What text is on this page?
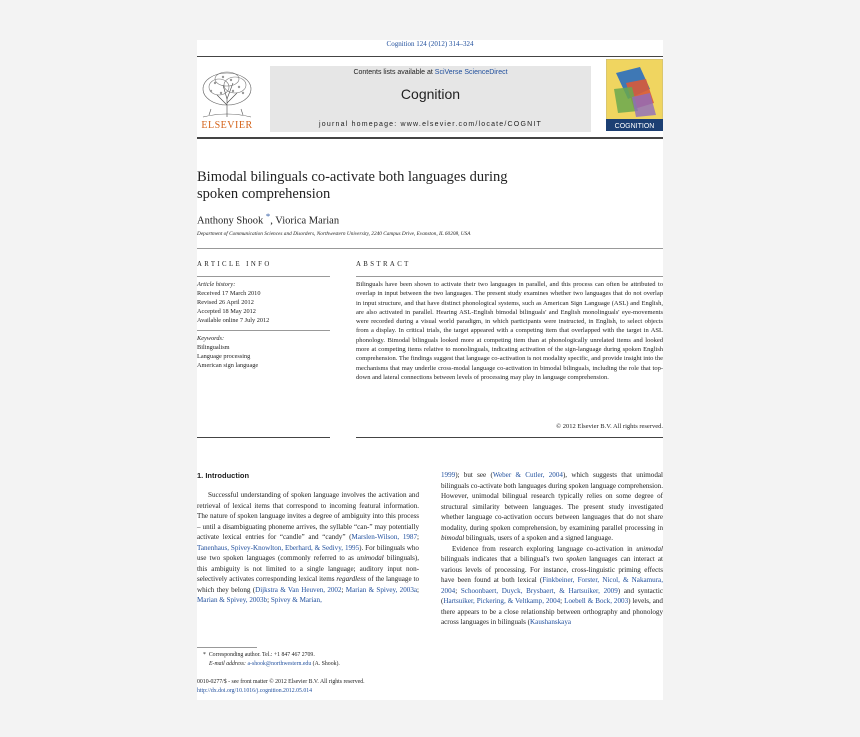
Cognition 124 (2012) 314–324
ELSEVIER
Contents lists available at SciVerse ScienceDirect
Cognition
journal homepage: www.elsevier.com/locate/COGNIT	COGNITION
Bimodal bilinguals co-activate both languages during
spoken comprehension
Anthony Shook *, Viorica Marian
Department of Communication Sciences and Disorders, Northwestern University, 2240 Campus Drive, Evanston, IL 60208, USA
ARTICLE INFO
Article history:
Received 17 March 2010
Revised 26 April 2012
Accepted 18 May 2012
Available online 7 July 2012
Keywords:
Bilingualism
Language processing
American sign language
ABSTRACT
Bilinguals have been shown to activate their two languages in parallel, and this process can often be attributed to overlap in input between the two languages. The present study examines whether two languages that do not overlap in input structure, and that have distinct phonological systems, such as American Sign Language (ASL) and English, are also activated in parallel. Hearing ASL-English bimodal bilinguals' and English monolinguals' eye-movements were recorded during a visual world paradigm, in which participants were instructed, in English, to select objects from a display. In critical trials, the target appeared with a competing item that overlapped with the target in ASL phonology. Bimodal bilinguals looked more at competing item than at phonologically unrelated items and looked more at competing items relative to monolinguals, indicating activation of the sign-language during spoken English comprehension. The findings suggest that language co-activation is not modality specific, and provide insight into the mechanisms that may underlie cross-modal language co-activation in bimodal bilinguals, including the role that top-down and lateral connections between levels of processing may play in language comprehension.
© 2012 Elsevier B.V. All rights reserved.
1. Introduction

Successful understanding of spoken language involves the activation and retrieval of lexical items that correspond to incoming featural information. The nature of spoken language invites a degree of ambiguity into this process – until a disambiguating phoneme arrives, the syllable “can-” may potentially activate lexical entries for “candle” and “candy” (Marslen-Wilson, 1987; Tanenhaus, Spivey-Knowlton, Eberhard, & Sedivy, 1995). For bilinguals who use two spoken languages (commonly referred to as unimodal bilinguals), this ambiguity is not limited to a single language; auditory input non-selectively activates corresponding lexical items regardless of the language to which they belong (Dijkstra & Van Heuven, 2002; Marian & Spivey, 2003a; Marian & Spivey, 2003b; Spivey & Marian,

1999); but see (Weber & Cutler, 2004), which suggests that unimodal bilinguals co-activate both languages during spoken language comprehension. However, unimodal bilingual research typically relies on some degree of structural similarity between languages. The present study investigated whether language co-activation occurs between languages that do not share modality, during spoken comprehension, by examining parallel processing in bimodal bilinguals, users of a spoken and a signed language.

Evidence from research exploring language co-activation in unimodal bilinguals indicates that a bilingual's two spoken languages can interact at various levels of processing. For instance, cross-linguistic priming effects have been found at both lexical (Finkbeiner, Forster, Nicol, & Nakamura, 2004; Schoonbaert, Duyck, Brysbaert, & Hartsuiker, 2009) and syntactic (Hartsuiker, Pickering, & Veltkamp, 2004; Loebell & Bock, 2003) levels, and there appears to be a close relationship between orthography and phonology across languages in bilinguals (Kaushanskaya

* Corresponding author. Tel.: +1 847 467 2709.
E-mail address: a-shook@northwestern.edu (A. Shook).
0010-0277/$ - see front matter © 2012 Elsevier B.V. All rights reserved.
http://dx.doi.org/10.1016/j.cognition.2012.05.014
